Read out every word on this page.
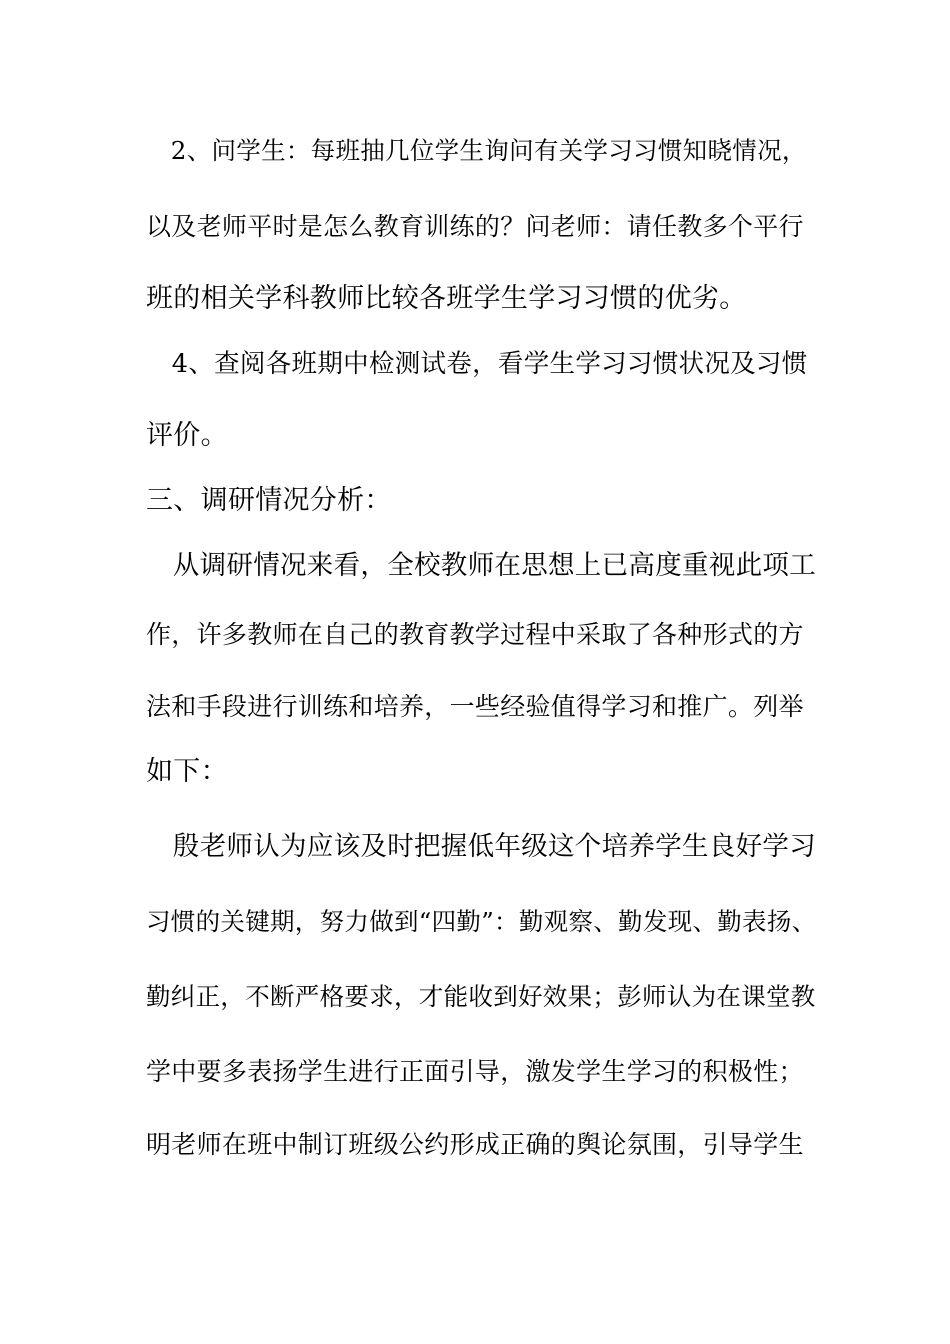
　2、问学生：每班抽几位学生询问有关学习习惯知晓情况，
以及老师平时是怎么教育训练的？问老师：请任教多个平行
班的相关学科教师比较各班学生学习习惯的优劣。
　4、查阅各班期中检测试卷，看学生学习习惯状况及习惯
评价。
三、调研情况分析：
　从调研情况来看，全校教师在思想上已高度重视此项工
作，许多教师在自己的教育教学过程中采取了各种形式的方
法和手段进行训练和培养，一些经验值得学习和推广。列举
如下：
　殷老师认为应该及时把握低年级这个培养学生良好学习
习惯的关键期，努力做到“四勤”：勤观察、勤发现、勤表扬、
勤纠正，不断严格要求，才能收到好效果；彭师认为在课堂教
学中要多表扬学生进行正面引导，激发学生学习的积极性；
明老师在班中制订班级公约形成正确的舆论氛围，引导学生
